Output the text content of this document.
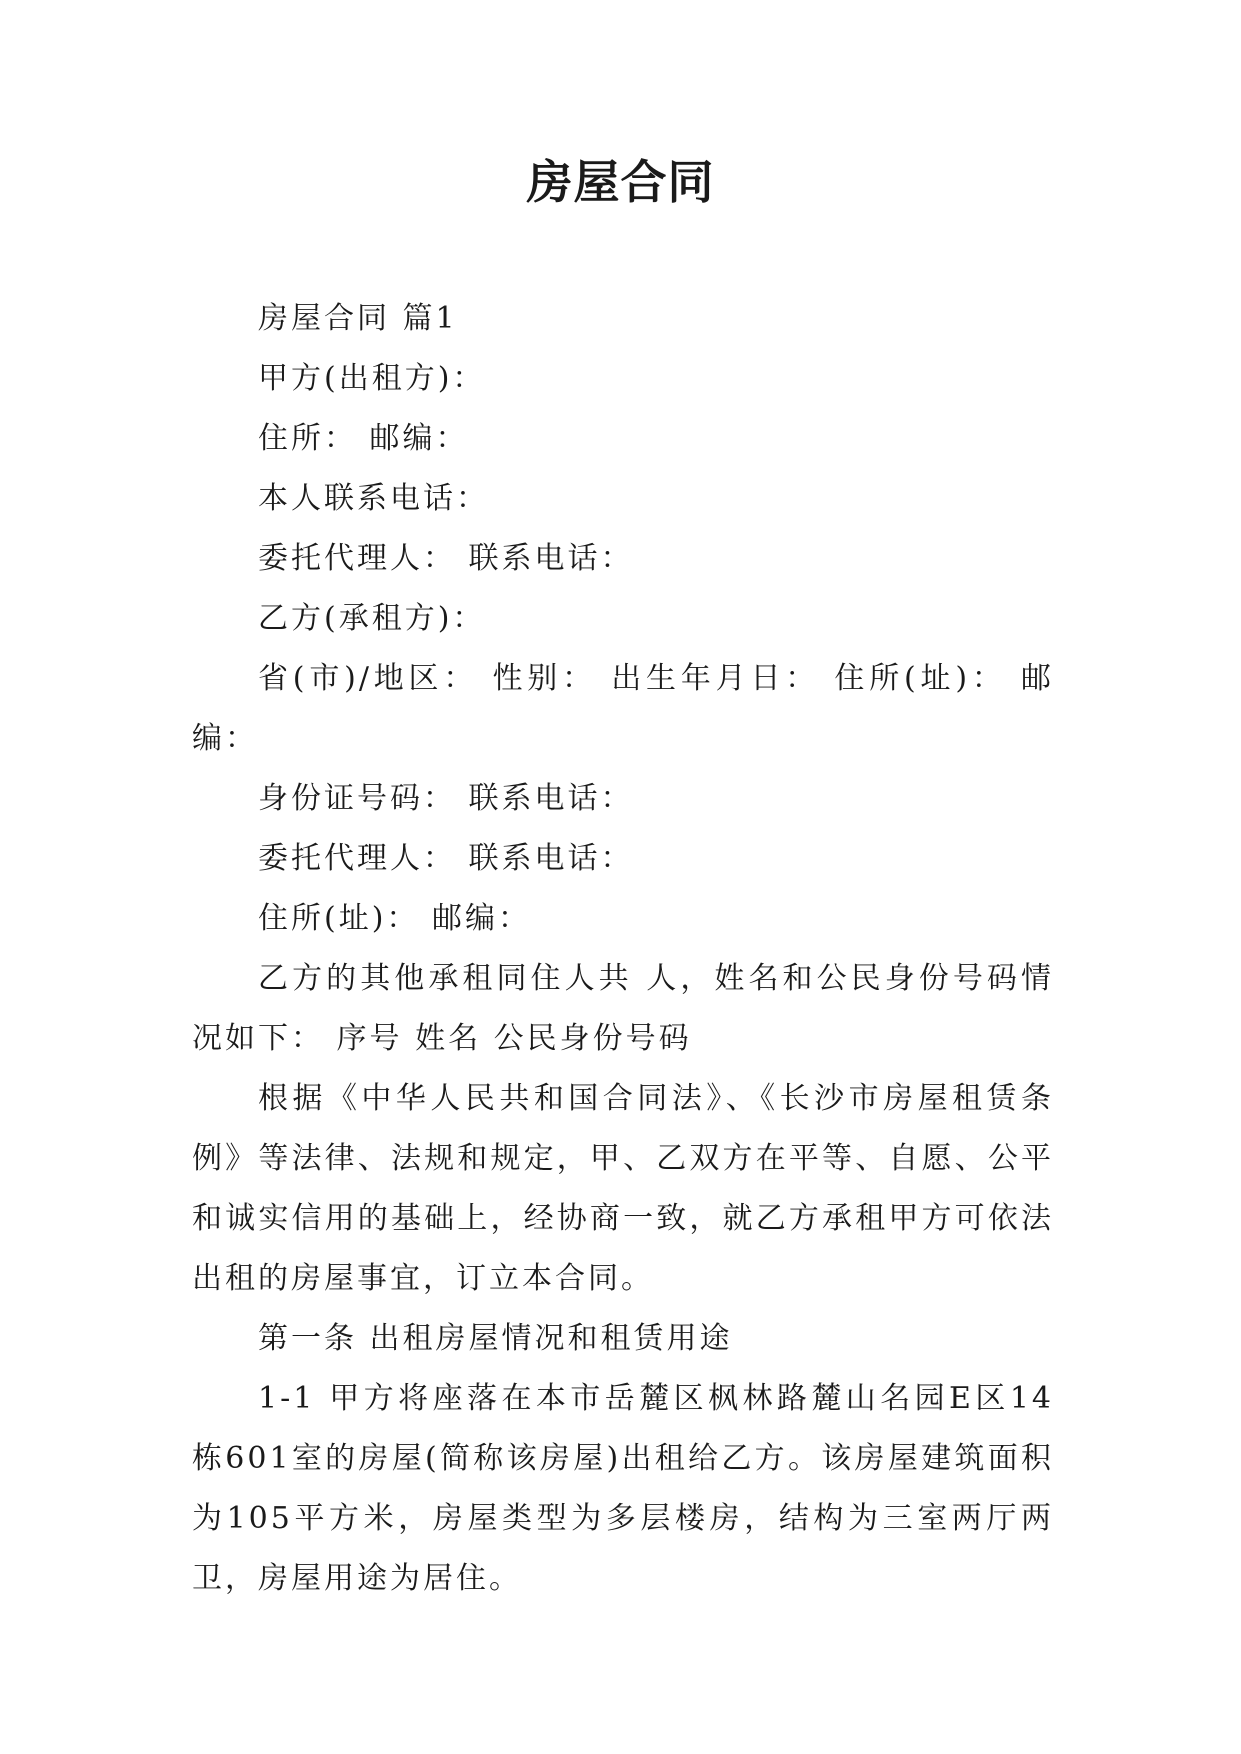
房屋合同

房屋合同 篇1

甲方(出租方)：

住所： 邮编：

本人联系电话：

委托代理人： 联系电话：

乙方(承租方)：

省(市)/地区： 性别： 出生年月日： 住所(址)： 邮编：

身份证号码： 联系电话：

委托代理人： 联系电话：

住所(址)： 邮编：

乙方的其他承租同住人共 人，姓名和公民身份号码情况如下： 序号 姓名 公民身份号码

根据《中华人民共和国合同法》、《长沙市房屋租赁条例》等法律、法规和规定，甲、乙双方在平等、自愿、公平和诚实信用的基础上，经协商一致，就乙方承租甲方可依法出租的房屋事宜，订立本合同。

第一条 出租房屋情况和租赁用途

1-1 甲方将座落在本市岳麓区枫林路麓山名园E区14栋601室的房屋(简称该房屋)出租给乙方。该房屋建筑面积为105平方米，房屋类型为多层楼房，结构为三室两厅两卫，房屋用途为居住。
